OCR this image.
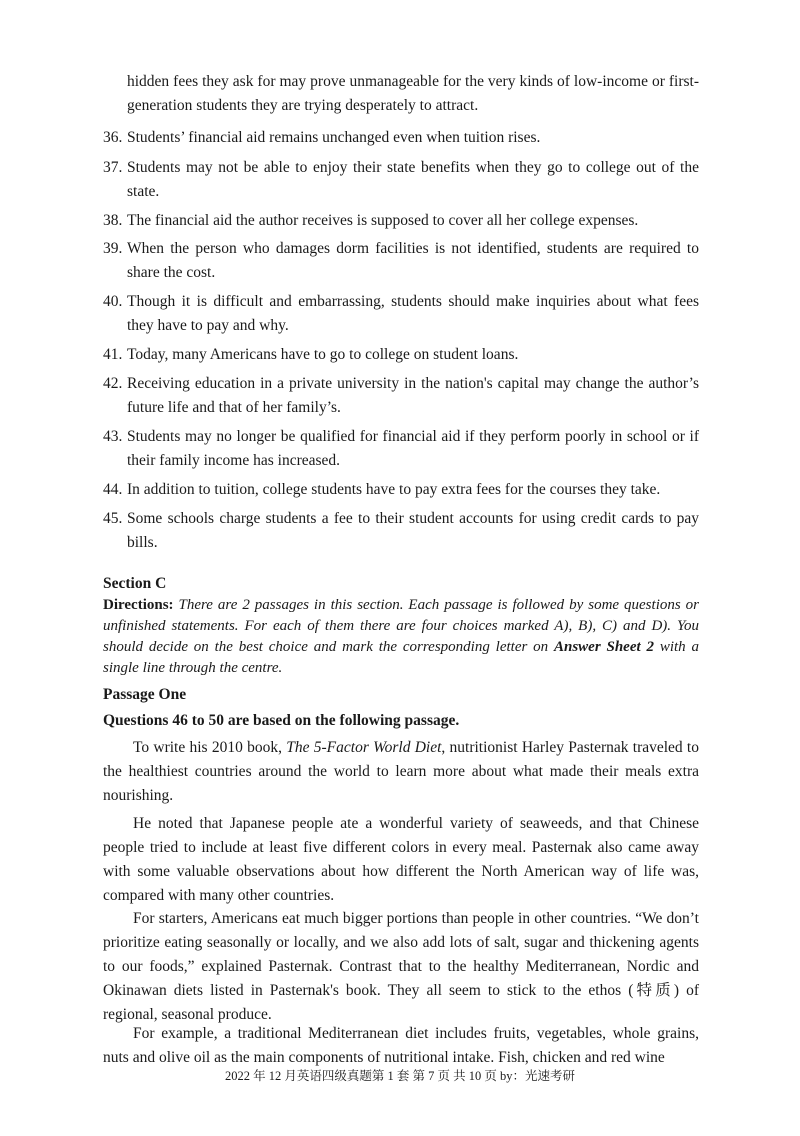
hidden fees they ask for may prove unmanageable for the very kinds of low-income or first-generation students they are trying desperately to attract.
36. Students’ financial aid remains unchanged even when tuition rises.
37. Students may not be able to enjoy their state benefits when they go to college out of the state.
38. The financial aid the author receives is supposed to cover all her college expenses.
39. When the person who damages dorm facilities is not identified, students are required to share the cost.
40. Though it is difficult and embarrassing, students should make inquiries about what fees they have to pay and why.
41. Today, many Americans have to go to college on student loans.
42. Receiving education in a private university in the nation's capital may change the author’s future life and that of her family’s.
43. Students may no longer be qualified for financial aid if they perform poorly in school or if their family income has increased.
44. In addition to tuition, college students have to pay extra fees for the courses they take.
45. Some schools charge students a fee to their student accounts for using credit cards to pay bills.
Section C
Directions: There are 2 passages in this section. Each passage is followed by some questions or unfinished statements. For each of them there are four choices marked A), B), C) and D). You should decide on the best choice and mark the corresponding letter on Answer Sheet 2 with a single line through the centre.
Passage One
Questions 46 to 50 are based on the following passage.
To write his 2010 book, The 5-Factor World Diet, nutritionist Harley Pasternak traveled to the healthiest countries around the world to learn more about what made their meals extra nourishing.
He noted that Japanese people ate a wonderful variety of seaweeds, and that Chinese people tried to include at least five different colors in every meal. Pasternak also came away with some valuable observations about how different the North American way of life was, compared with many other countries.
For starters, Americans eat much bigger portions than people in other countries. “We don’t prioritize eating seasonally or locally, and we also add lots of salt, sugar and thickening agents to our foods,” explained Pasternak. Contrast that to the healthy Mediterranean, Nordic and Okinawan diets listed in Pasternak's book. They all seem to stick to the ethos (特质) of regional, seasonal produce.
For example, a traditional Mediterranean diet includes fruits, vegetables, whole grains, nuts and olive oil as the main components of nutritional intake. Fish, chicken and red wine
2022 年 12 月英语四级真题第 1 套 第 7 页 共 10 页 by：光速考研
